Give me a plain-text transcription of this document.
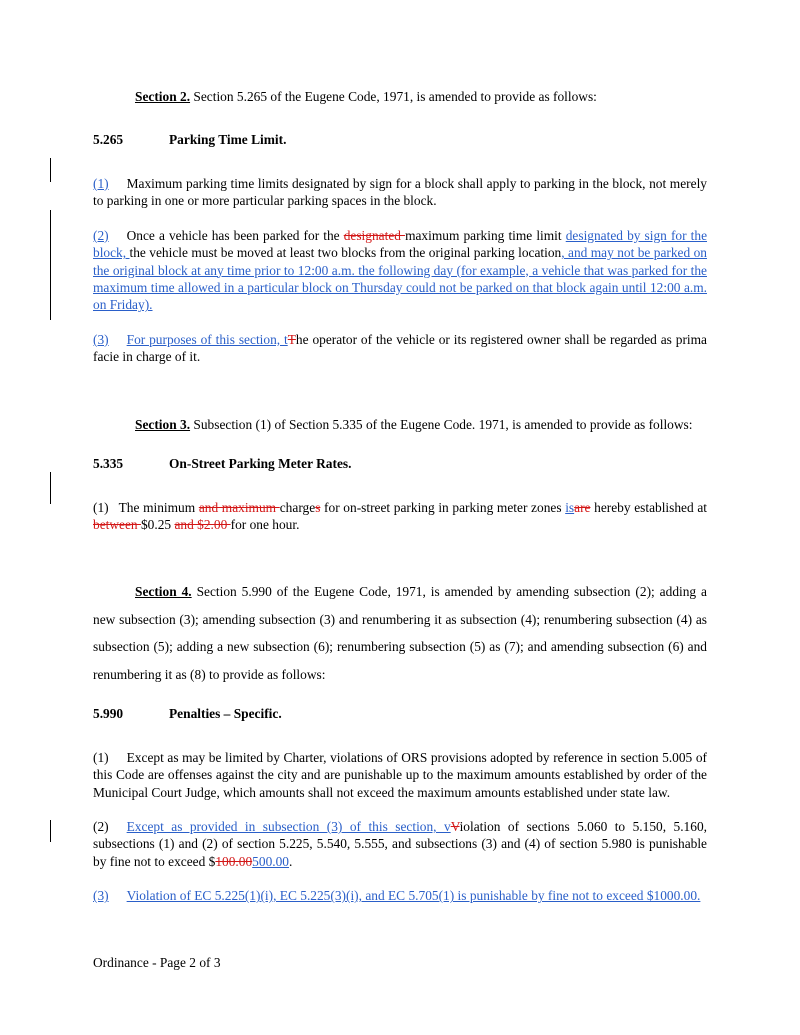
Section 2. Section 5.265 of the Eugene Code, 1971, is amended to provide as follows:

5.265	Parking Time Limit.

(1) Maximum parking time limits designated by sign for a block shall apply to parking in the block, not merely to parking in one or more particular parking spaces in the block.

(2) Once a vehicle has been parked for the designated maximum parking time limit designated by sign for the block, the vehicle must be moved at least two blocks from the original parking location, and may not be parked on the original block at any time prior to 12:00 a.m. the following day (for example, a vehicle that was parked for the maximum time allowed in a particular block on Thursday could not be parked on that block again until 12:00 a.m. on Friday).

(3) For purposes of this section, tThe operator of the vehicle or its registered owner shall be regarded as prima facie in charge of it.

Section 3. Subsection (1) of Section 5.335 of the Eugene Code. 1971, is amended to provide as follows:

5.335	On-Street Parking Meter Rates.

(1) The minimum and maximum charges for on-street parking in parking meter zones isare hereby established at between $0.25 and $2.00 for one hour.

Section 4. Section 5.990 of the Eugene Code, 1971, is amended by amending subsection (2); adding a new subsection (3); amending subsection (3) and renumbering it as subsection (4); renumbering subsection (4) as subsection (5); adding a new subsection (6); renumbering subsection (5) as (7); and amending subsection (6) and renumbering it as (8) to provide as follows:

5.990	Penalties – Specific.

(1) Except as may be limited by Charter, violations of ORS provisions adopted by reference in section 5.005 of this Code are offenses against the city and are punishable up to the maximum amounts established by order of the Municipal Court Judge, which amounts shall not exceed the maximum amounts established under state law.

(2) Except as provided in subsection (3) of this section, vViolation of sections 5.060 to 5.150, 5.160, subsections (1) and (2) of section 5.225, 5.540, 5.555, and subsections (3) and (4) of section 5.980 is punishable by fine not to exceed $100.00500.00.

(3) Violation of EC 5.225(1)(i), EC 5.225(3)(i), and EC 5.705(1) is punishable by fine not to exceed $1000.00.

Ordinance - Page 2 of 3
